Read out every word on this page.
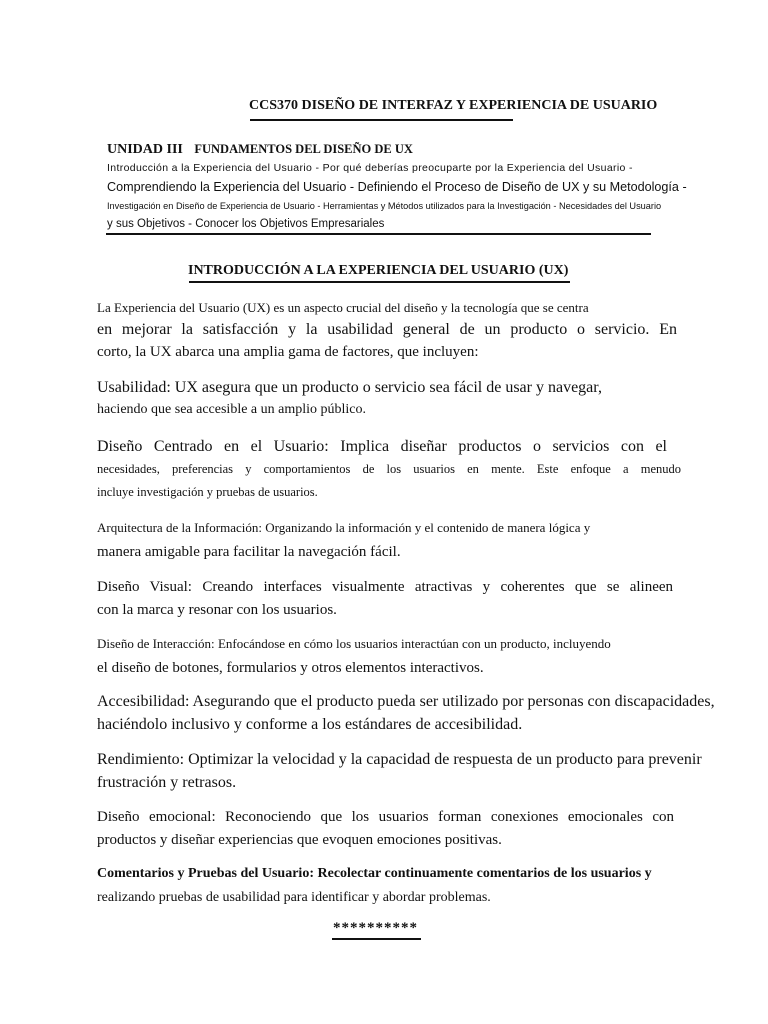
CCS370 DISEÑO DE INTERFAZ Y EXPERIENCIA DE USUARIO
UNIDAD III FUNDAMENTOS DEL DISEÑO DE UX
Introducción a la Experiencia del Usuario - Por qué deberías preocuparte por la Experiencia del Usuario -
Comprendiendo la Experiencia del Usuario - Definiendo el Proceso de Diseño de UX y su Metodología -
Investigación en Diseño de Experiencia de Usuario - Herramientas y Métodos utilizados para la Investigación - Necesidades del Usuario
y sus Objetivos - Conocer los Objetivos Empresariales
INTRODUCCIÓN A LA EXPERIENCIA DEL USUARIO (UX)
La Experiencia del Usuario (UX) es un aspecto crucial del diseño y la tecnología que se centra
en mejorar la satisfacción y la usabilidad general de un producto o servicio. En
corto, la UX abarca una amplia gama de factores, que incluyen:
Usabilidad: UX asegura que un producto o servicio sea fácil de usar y navegar,
haciendo que sea accesible a un amplio público.
Diseño Centrado en el Usuario: Implica diseñar productos o servicios con el
necesidades, preferencias y comportamientos de los usuarios en mente. Este enfoque a menudo
incluye investigación y pruebas de usuarios.
Arquitectura de la Información: Organizando la información y el contenido de manera lógica y
manera amigable para facilitar la navegación fácil.
Diseño Visual: Creando interfaces visualmente atractivas y coherentes que se alineen
con la marca y resonar con los usuarios.
Diseño de Interacción: Enfocándose en cómo los usuarios interactúan con un producto, incluyendo
el diseño de botones, formularios y otros elementos interactivos.
Accesibilidad: Asegurando que el producto pueda ser utilizado por personas con discapacidades,
haciéndolo inclusivo y conforme a los estándares de accesibilidad.
Rendimiento: Optimizar la velocidad y la capacidad de respuesta de un producto para prevenir
frustración y retrasos.
Diseño emocional: Reconociendo que los usuarios forman conexiones emocionales con
productos y diseñar experiencias que evoquen emociones positivas.
Comentarios y Pruebas del Usuario: Recolectar continuamente comentarios de los usuarios y
realizando pruebas de usabilidad para identificar y abordar problemas.
**********
